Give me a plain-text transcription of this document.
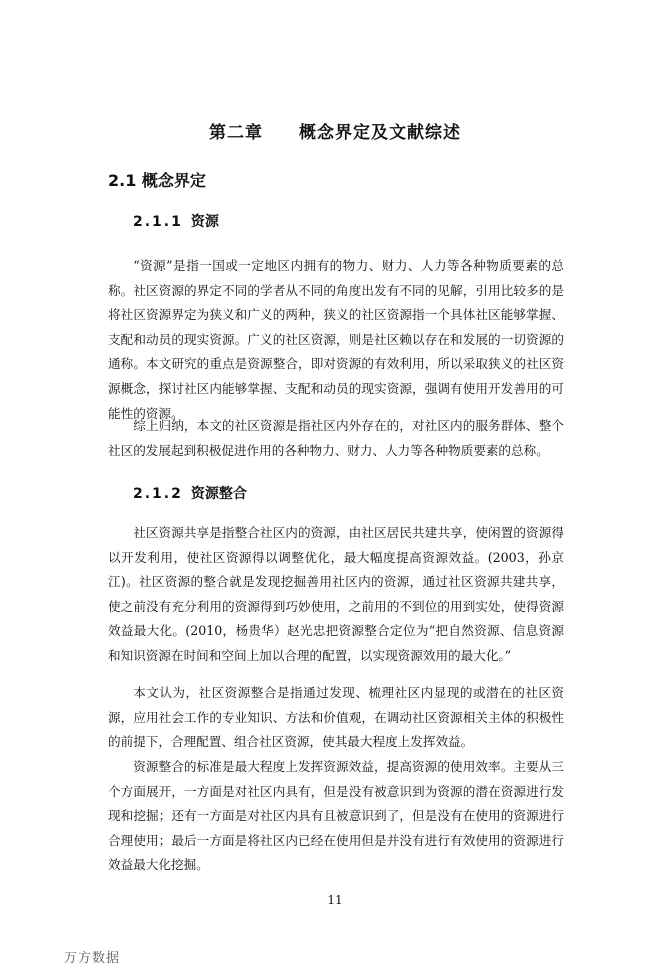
第二章 概念界定及文献综述
2.1 概念界定
2.1.1 资源

“资源”是指一国或一定地区内拥有的物力、财力、人力等各种物质要素的总称。社区资源的界定不同的学者从不同的角度出发有不同的见解，引用比较多的是将社区资源界定为狭义和广义的两种，狭义的社区资源指一个具体社区能够掌握、支配和动员的现实资源。广义的社区资源，则是社区赖以存在和发展的一切资源的通称。本文研究的重点是资源整合，即对资源的有效利用，所以采取狭义的社区资源概念，探讨社区内能够掌握、支配和动员的现实资源，强调有使用开发善用的可能性的资源。

综上归纳，本文的社区资源是指社区内外存在的，对社区内的服务群体、整个社区的发展起到积极促进作用的各种物力、财力、人力等各种物质要素的总称。

2.1.2 资源整合

社区资源共享是指整合社区内的资源，由社区居民共建共享，使闲置的资源得以开发利用，使社区资源得以调整优化，最大幅度提高资源效益。(2003，孙京江)。社区资源的整合就是发现挖掘善用社区内的资源，通过社区资源共建共享，使之前没有充分利用的资源得到巧妙使用，之前用的不到位的用到实处，使得资源效益最大化。(2010，杨贵华）赵光忠把资源整合定位为“把自然资源、信息资源和知识资源在时间和空间上加以合理的配置，以实现资源效用的最大化。”

本文认为，社区资源整合是指通过发现、梳理社区内显现的或潜在的社区资源，应用社会工作的专业知识、方法和价值观，在调动社区资源相关主体的积极性的前提下，合理配置、组合社区资源，使其最大程度上发挥效益。

资源整合的标准是最大程度上发挥资源效益，提高资源的使用效率。主要从三个方面展开，一方面是对社区内具有，但是没有被意识到为资源的潜在资源进行发现和挖掘；还有一方面是对社区内具有且被意识到了，但是没有在使用的资源进行合理使用；最后一方面是将社区内已经在使用但是并没有进行有效使用的资源进行效益最大化挖掘。

11
万方数据
